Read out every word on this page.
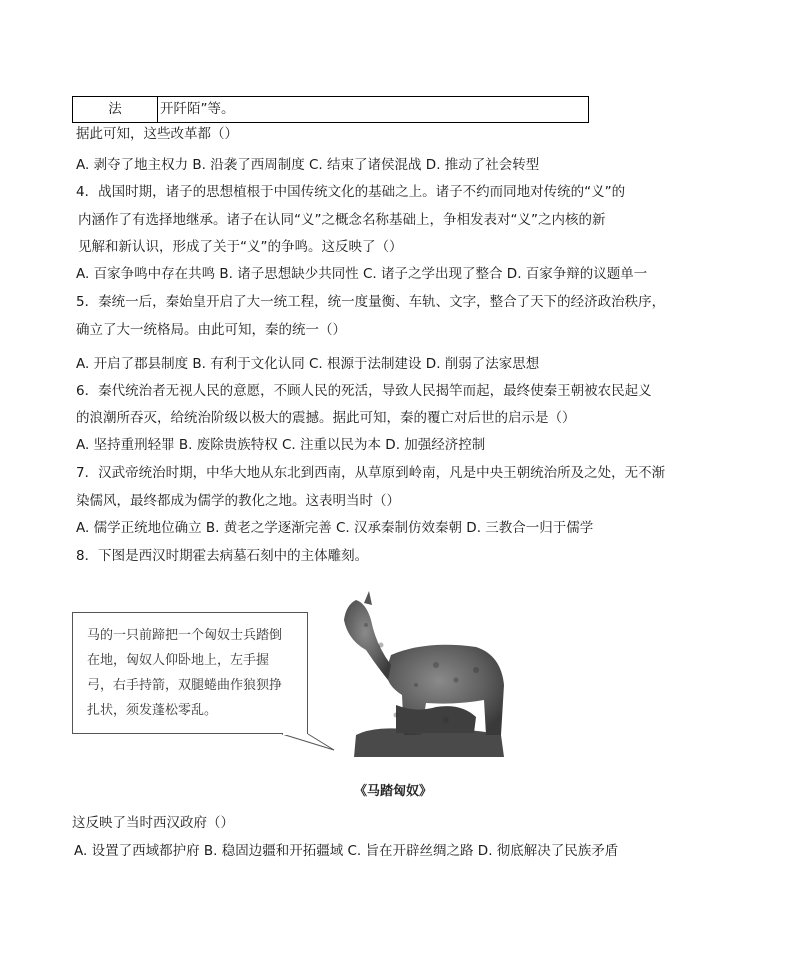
法	开阡陌”等。
据此可知，这些改革都（）
A. 剥夺了地主权力 B. 沿袭了西周制度 C. 结束了诸侯混战 D. 推动了社会转型
4．战国时期，诸子的思想植根于中国传统文化的基础之上。诸子不约而同地对传统的“义”的
内涵作了有选择地继承。诸子在认同“义”之概念名称基础上，争相发表对“义”之内核的新
见解和新认识，形成了关于“义”的争鸣。这反映了（）
A. 百家争鸣中存在共鸣 B. 诸子思想缺少共同性 C. 诸子之学出现了整合 D. 百家争辩的议题单一
5．秦统一后，秦始皇开启了大一统工程，统一度量衡、车轨、文字，整合了天下的经济政治秩序，
确立了大一统格局。由此可知，秦的统一（）
A. 开启了郡县制度 B. 有利于文化认同 C. 根源于法制建设 D. 削弱了法家思想
6．秦代统治者无视人民的意愿，不顾人民的死活，导致人民揭竿而起，最终使秦王朝被农民起义
的浪潮所吞灭，给统治阶级以极大的震撼。据此可知，秦的覆亡对后世的启示是（）
A. 坚持重刑轻罪 B. 废除贵族特权 C. 注重以民为本 D. 加强经济控制
7．汉武帝统治时期，中华大地从东北到西南，从草原到岭南，凡是中央王朝统治所及之处，无不渐
染儒风，最终都成为儒学的教化之地。这表明当时（）
A. 儒学正统地位确立 B. 黄老之学逐渐完善 C. 汉承秦制仿效秦朝 D. 三教合一归于儒学
8．下图是西汉时期霍去病墓石刻中的主体雕刻。
马的一只前蹄把一个匈奴士兵踏倒在地，匈奴人仰卧地上，左手握弓，右手持箭，双腿蜷曲作狼狈挣扎状，须发蓬松零乱。
《马踏匈奴》
这反映了当时西汉政府（）
A. 设置了西域都护府 B. 稳固边疆和开拓疆域 C. 旨在开辟丝绸之路 D. 彻底解决了民族矛盾
